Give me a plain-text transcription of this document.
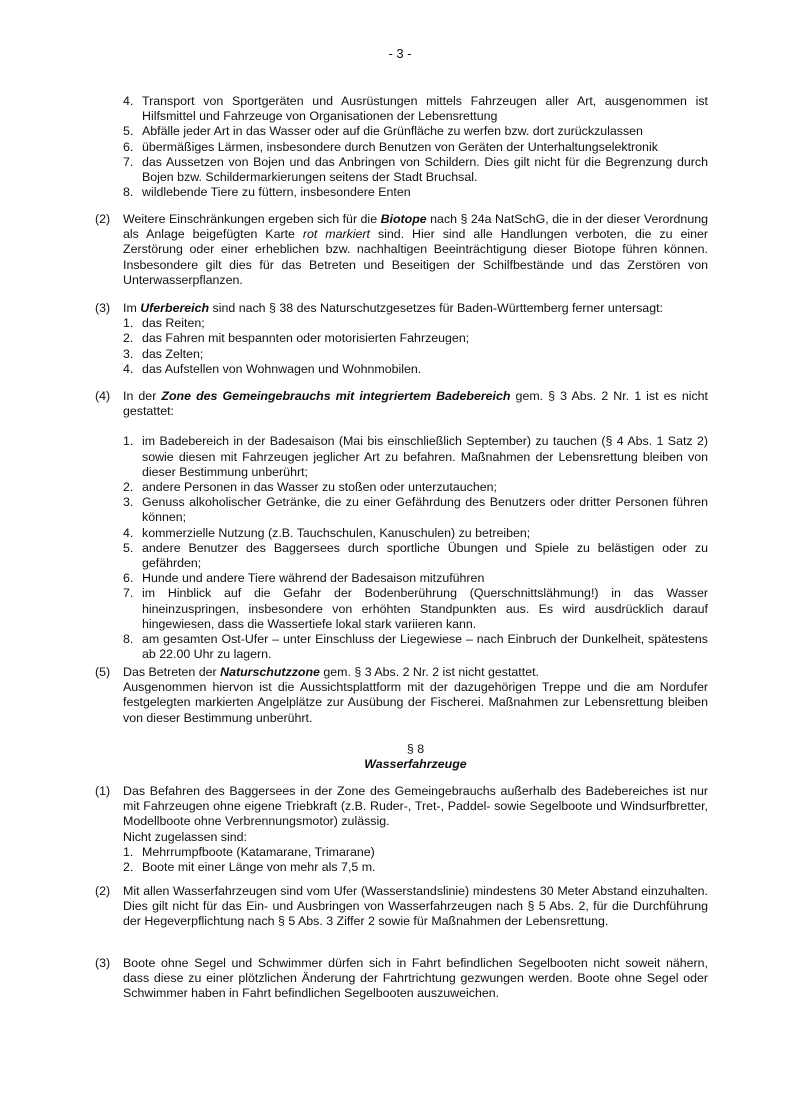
- 3 -
4. Transport von Sportgeräten und Ausrüstungen mittels Fahrzeugen aller Art, ausgenommen ist Hilfsmittel und Fahrzeuge von Organisationen der Lebensrettung
5. Abfälle jeder Art in das Wasser oder auf die Grünfläche zu werfen bzw. dort zurückzulassen
6. übermäßiges Lärmen, insbesondere durch Benutzen von Geräten der Unterhaltungselektronik
7. das Aussetzen von Bojen und das Anbringen von Schildern. Dies gilt nicht für die Begrenzung durch Bojen bzw. Schildermarkierungen seitens der Stadt Bruchsal.
8. wildlebende Tiere zu füttern, insbesondere Enten
(2) Weitere Einschränkungen ergeben sich für die Biotope nach § 24a NatSchG, die in der dieser Verordnung als Anlage beigefügten Karte rot markiert sind. Hier sind alle Handlungen verboten, die zu einer Zerstörung oder einer erheblichen bzw. nachhaltigen Beeinträchtigung dieser Biotope führen können. Insbesondere gilt dies für das Betreten und Beseitigen der Schilfbestände und das Zerstören von Unterwasserpflanzen.
(3) Im Uferbereich sind nach § 38 des Naturschutzgesetzes für Baden-Württemberg ferner untersagt:
1. das Reiten;
2. das Fahren mit bespannten oder motorisierten Fahrzeugen;
3. das Zelten;
4. das Aufstellen von Wohnwagen und Wohnmobilen.
(4) In der Zone des Gemeingebrauchs mit integriertem Badebereich gem. § 3 Abs. 2 Nr. 1 ist es nicht gestattet:
1. im Badebereich in der Badesaison (Mai bis einschließlich September) zu tauchen (§ 4 Abs. 1 Satz 2) sowie diesen mit Fahrzeugen jeglicher Art zu befahren. Maßnahmen der Lebensrettung bleiben von dieser Bestimmung unberührt;
2. andere Personen in das Wasser zu stoßen oder unterzutauchen;
3. Genuss alkoholischer Getränke, die zu einer Gefährdung des Benutzers oder dritter Personen führen können;
4. kommerzielle Nutzung (z.B. Tauchschulen, Kanuschulen) zu betreiben;
5. andere Benutzer des Baggersees durch sportliche Übungen und Spiele zu belästigen oder zu gefährden;
6. Hunde und andere Tiere während der Badesaison mitzuführen
7. im Hinblick auf die Gefahr der Bodenberührung (Querschnittslähmung!) in das Wasser hineinzuspringen, insbesondere von erhöhten Standpunkten aus. Es wird ausdrücklich darauf hingewiesen, dass die Wassertiefe lokal stark variieren kann.
8. am gesamten Ost-Ufer – unter Einschluss der Liegewiese – nach Einbruch der Dunkelheit, spätestens ab 22.00 Uhr zu lagern.
(5) Das Betreten der Naturschutzzone gem. § 3 Abs. 2 Nr. 2 ist nicht gestattet.
Ausgenommen hiervon ist die Aussichtsplattform mit der dazugehörigen Treppe und die am Nordufer festgelegten markierten Angelplätze zur Ausübung der Fischerei. Maßnahmen zur Lebensrettung bleiben von dieser Bestimmung unberührt.
§ 8
Wasserfahrzeuge
(1) Das Befahren des Baggersees in der Zone des Gemeingebrauchs außerhalb des Badebereiches ist nur mit Fahrzeugen ohne eigene Triebkraft (z.B. Ruder-, Tret-, Paddel- sowie Segelboote und Windsurfbretter, Modellboote ohne Verbrennungsmotor) zulässig.
Nicht zugelassen sind:
1. Mehrrumpfboote (Katamarane, Trimarane)
2. Boote mit einer Länge von mehr als 7,5 m.
(2) Mit allen Wasserfahrzeugen sind vom Ufer (Wasserstandslinie) mindestens 30 Meter Abstand einzuhalten. Dies gilt nicht für das Ein- und Ausbringen von Wasserfahrzeugen nach § 5 Abs. 2, für die Durchführung der Hegeverpflichtung nach § 5 Abs. 3 Ziffer 2 sowie für Maßnahmen der Lebensrettung.
(3) Boote ohne Segel und Schwimmer dürfen sich in Fahrt befindlichen Segelbooten nicht soweit nähern, dass diese zu einer plötzlichen Änderung der Fahrtrichtung gezwungen werden. Boote ohne Segel oder Schwimmer haben in Fahrt befindlichen Segelbooten auszuweichen.
